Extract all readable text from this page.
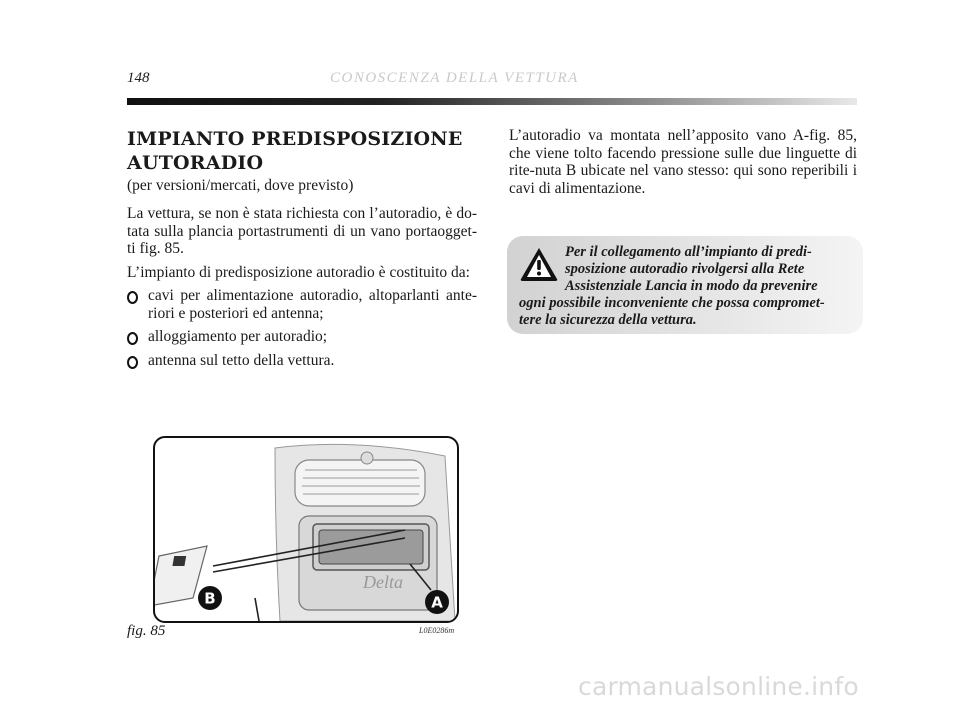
148	CONOSCENZA DELLA VETTURA
IMPIANTO PREDISPOSIZIONE
AUTORADIO
(per versioni/mercati, dove previsto)

La vettura, se non è stata richiesta con l’autoradio, è do-tata sulla plancia portastrumenti di un vano portaogget-ti fig. 85.

L’impianto di predisposizione autoradio è costituito da:

cavi per alimentazione autoradio, altoparlanti ante-riori e posteriori ed antenna;
alloggiamento per autoradio;
antenna sul tetto della vettura.

L’autoradio va montata nell’apposito vano A-fig. 85, che viene tolto facendo pressione sulle due linguette di rite-nuta B ubicate nel vano stesso: qui sono reperibili i cavi di alimentazione.

Per il collegamento all’impianto di predi-
sposizione autoradio rivolgersi alla Rete
Assistenziale Lancia in modo da prevenire
ogni possibile inconveniente che possa compromet-
tere la sicurezza della vettura.

Delta
B	A
fig. 85	L0E0286m
carmanualsonline.info
